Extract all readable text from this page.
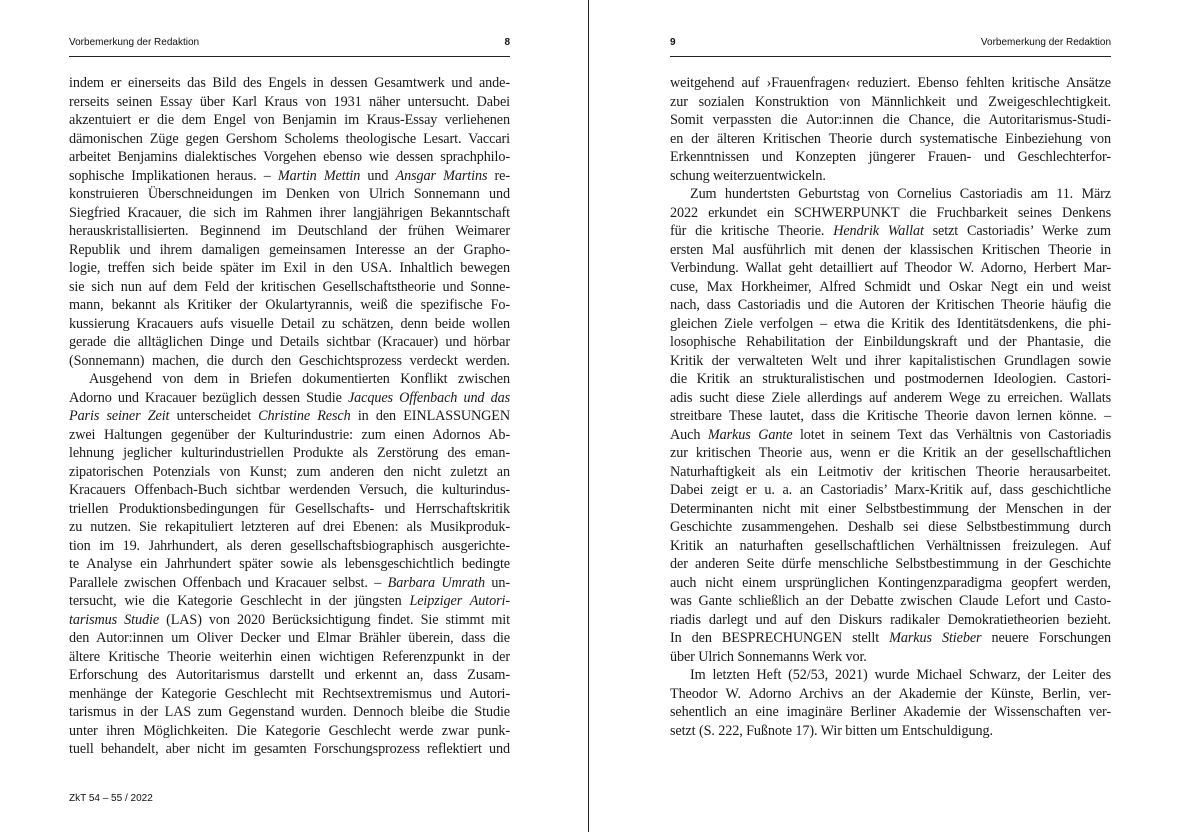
Vorbemerkung der Redaktion	8
indem er einerseits das Bild des Engels in dessen Gesamtwerk und ande-
rerseits seinen Essay über Karl Kraus von 1931 näher untersucht. Dabei
akzentuiert er die dem Engel von Benjamin im Kraus-Essay verliehenen
dämonischen Züge gegen Gershom Scholems theologische Lesart. Vaccari
arbeitet Benjamins dialektisches Vorgehen ebenso wie dessen sprachphilo-
sophische Implikationen heraus. – Martin Mettin und Ansgar Martins re-
konstruieren Überschneidungen im Denken von Ulrich Sonnemann und
Siegfried Kracauer, die sich im Rahmen ihrer langjährigen Bekanntschaft
herauskristallisierten. Beginnend im Deutschland der frühen Weimarer
Republik und ihrem damaligen gemeinsamen Interesse an der Grapho-
logie, treffen sich beide später im Exil in den USA. Inhaltlich bewegen
sie sich nun auf dem Feld der kritischen Gesellschaftstheorie und Sonne-
mann, bekannt als Kritiker der Okulartyrannis, weiß die spezifische Fo-
kussierung Kracauers aufs visuelle Detail zu schätzen, denn beide wollen
gerade die alltäglichen Dinge und Details sichtbar (Kracauer) und hörbar
(Sonnemann) machen, die durch den Geschichtsprozess verdeckt werden.
Ausgehend von dem in Briefen dokumentierten Konflikt zwischen
Adorno und Kracauer bezüglich dessen Studie Jacques Offenbach und das
Paris seiner Zeit unterscheidet Christine Resch in den EINLASSUNGEN
zwei Haltungen gegenüber der Kulturindustrie: zum einen Adornos Ab-
lehnung jeglicher kulturindustriellen Produkte als Zerstörung des eman-
zipatorischen Potenzials von Kunst; zum anderen den nicht zuletzt an
Kracauers Offenbach-Buch sichtbar werdenden Versuch, die kulturindus-
triellen Produktionsbedingungen für Gesellschafts- und Herrschaftskritik
zu nutzen. Sie rekapituliert letzteren auf drei Ebenen: als Musikproduk-
tion im 19. Jahrhundert, als deren gesellschaftsbiographisch ausgerichte-
te Analyse ein Jahrhundert später sowie als lebensgeschichtlich bedingte
Parallele zwischen Offenbach und Kracauer selbst. – Barbara Umrath un-
tersucht, wie die Kategorie Geschlecht in der jüngsten Leipziger Autori-
tarismus Studie (LAS) von 2020 Berücksichtigung findet. Sie stimmt mit
den Autor:innen um Oliver Decker und Elmar Brähler überein, dass die
ältere Kritische Theorie weiterhin einen wichtigen Referenzpunkt in der
Erforschung des Autoritarismus darstellt und erkennt an, dass Zusam-
menhänge der Kategorie Geschlecht mit Rechtsextremismus und Autori-
tarismus in der LAS zum Gegenstand wurden. Dennoch bleibe die Studie
unter ihren Möglichkeiten. Die Kategorie Geschlecht werde zwar punk-
tuell behandelt, aber nicht im gesamten Forschungsprozess reflektiert und
ZkT 54 – 55 / 2022
9	Vorbemerkung der Redaktion
weitgehend auf ›Frauenfragen‹ reduziert. Ebenso fehlten kritische Ansätze
zur sozialen Konstruktion von Männlichkeit und Zweigeschlechtigkeit.
Somit verpassten die Autor:innen die Chance, die Autoritarismus-Studi-
en der älteren Kritischen Theorie durch systematische Einbeziehung von
Erkenntnissen und Konzepten jüngerer Frauen- und Geschlechterfor-
schung weiterzuentwickeln.
Zum hundertsten Geburtstag von Cornelius Castoriadis am 11. März
2022 erkundet ein SCHWERPUNKT die Fruchbarkeit seines Denkens
für die kritische Theorie. Hendrik Wallat setzt Castoriadis’ Werke zum
ersten Mal ausführlich mit denen der klassischen Kritischen Theorie in
Verbindung. Wallat geht detailliert auf Theodor W. Adorno, Herbert Mar-
cuse, Max Horkheimer, Alfred Schmidt und Oskar Negt ein und weist
nach, dass Castoriadis und die Autoren der Kritischen Theorie häufig die
gleichen Ziele verfolgen – etwa die Kritik des Identitätsdenkens, die phi-
losophische Rehabilitation der Einbildungskraft und der Phantasie, die
Kritik der verwalteten Welt und ihrer kapitalistischen Grundlagen sowie
die Kritik an strukturalistischen und postmodernen Ideologien. Castori-
adis sucht diese Ziele allerdings auf anderem Wege zu erreichen. Wallats
streitbare These lautet, dass die Kritische Theorie davon lernen könne. –
Auch Markus Gante lotet in seinem Text das Verhältnis von Castoriadis
zur kritischen Theorie aus, wenn er die Kritik an der gesellschaftlichen
Naturhaftigkeit als ein Leitmotiv der kritischen Theorie herausarbeitet.
Dabei zeigt er u. a. an Castoriadis’ Marx-Kritik auf, dass geschichtliche
Determinanten nicht mit einer Selbstbestimmung der Menschen in der
Geschichte zusammengehen. Deshalb sei diese Selbstbestimmung durch
Kritik an naturhaften gesellschaftlichen Verhältnissen freizulegen. Auf
der anderen Seite dürfe menschliche Selbstbestimmung in der Geschichte
auch nicht einem ursprünglichen Kontingenzparadigma geopfert werden,
was Gante schließlich an der Debatte zwischen Claude Lefort und Casto-
riadis darlegt und auf den Diskurs radikaler Demokratietheorien bezieht.
In den BESPRECHUNGEN stellt Markus Stieber neuere Forschungen
über Ulrich Sonnemanns Werk vor.
Im letzten Heft (52/53, 2021) wurde Michael Schwarz, der Leiter des
Theodor W. Adorno Archivs an der Akademie der Künste, Berlin, ver-
sehentlich an eine imaginäre Berliner Akademie der Wissenschaften ver-
setzt (S. 222, Fußnote 17). Wir bitten um Entschuldigung.
